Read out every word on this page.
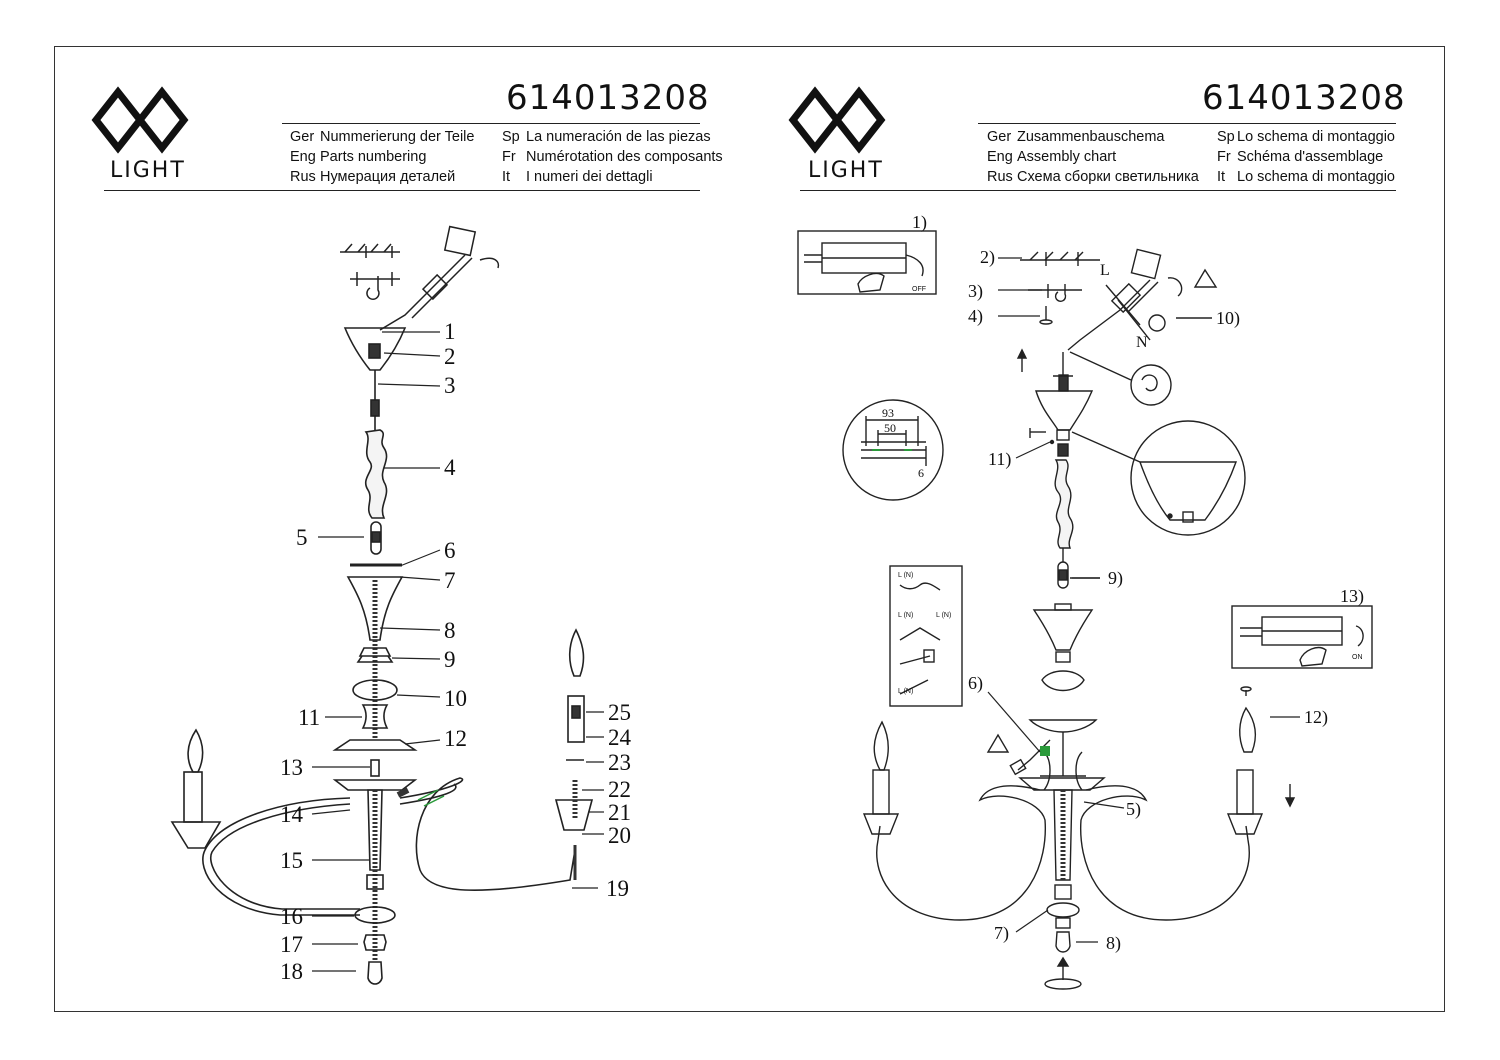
LIGHT
614013208
Ger Nummerierung der Teile
Eng Parts numbering
Rus Нумерация деталей
Sp La numeración de las piezas
Fr Numérotation des composants
It I numeri dei dettagli
1
2
3
4
5
6
7
8
9
10
11
12
13
14
15
16
17
18
19
20
21
22
23
24
25
LIGHT
614013208
Ger Zusammenbauschema
Eng Assembly chart
Rus Схема сборки светильника
Sp Lo schema di montaggio
Fr Schéma d'assemblage
It Lo schema di montaggio
1)
2)
3)
4)
5)
6)
7)	8)
9)
10)
11)
12)
13)
93
50
6
OFF
ON
L
N
L (N)
L (N)	L (N)
L (N)
